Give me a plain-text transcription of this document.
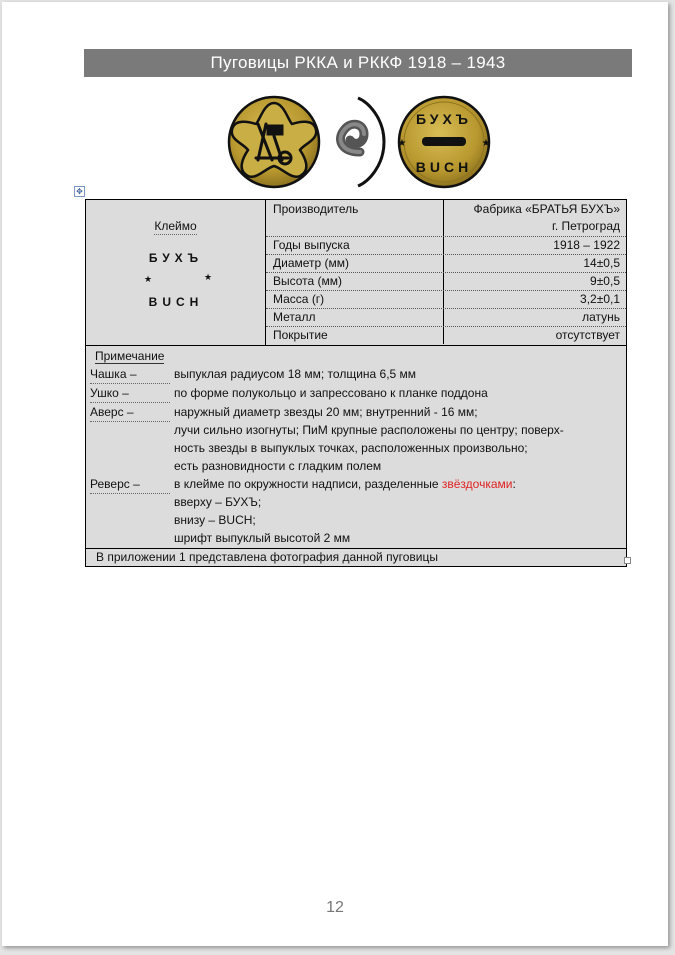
Пуговицы РККА и РККФ 1918 – 1943
БУХЪ
BUCH
★	★
✥
Клеймо
БУХЪ
BUCH
★	★
Производитель	Фабрика «БРАТЬЯ БУХЪ»
г. Петроград
Годы выпуска	1918 – 1922
Диаметр (мм)	14±0,5
Высота (мм)	9±0,5
Масса (г)	3,2±0,1
Металл	латунь
Покрытие	отсутствует
Примечание
Чашка –	выпуклая радиусом 18 мм; толщина 6,5 мм
Ушко –	по форме полукольцо и запрессовано к планке поддона
Аверс –	наружный диаметр звезды 20 мм; внутренний - 16 мм;
лучи сильно изогнуты; ПиМ крупные расположены по центру; поверх-
ность звезды в выпуклых точках, расположенных произвольно;
есть разновидности с гладким полем
Реверс –	в клейме по окружности надписи, разделенные звёздочками:
вверху – БУХЪ;
внизу – BUCH;
шрифт выпуклый высотой 2 мм
В приложении 1 представлена фотография данной пуговицы
12
